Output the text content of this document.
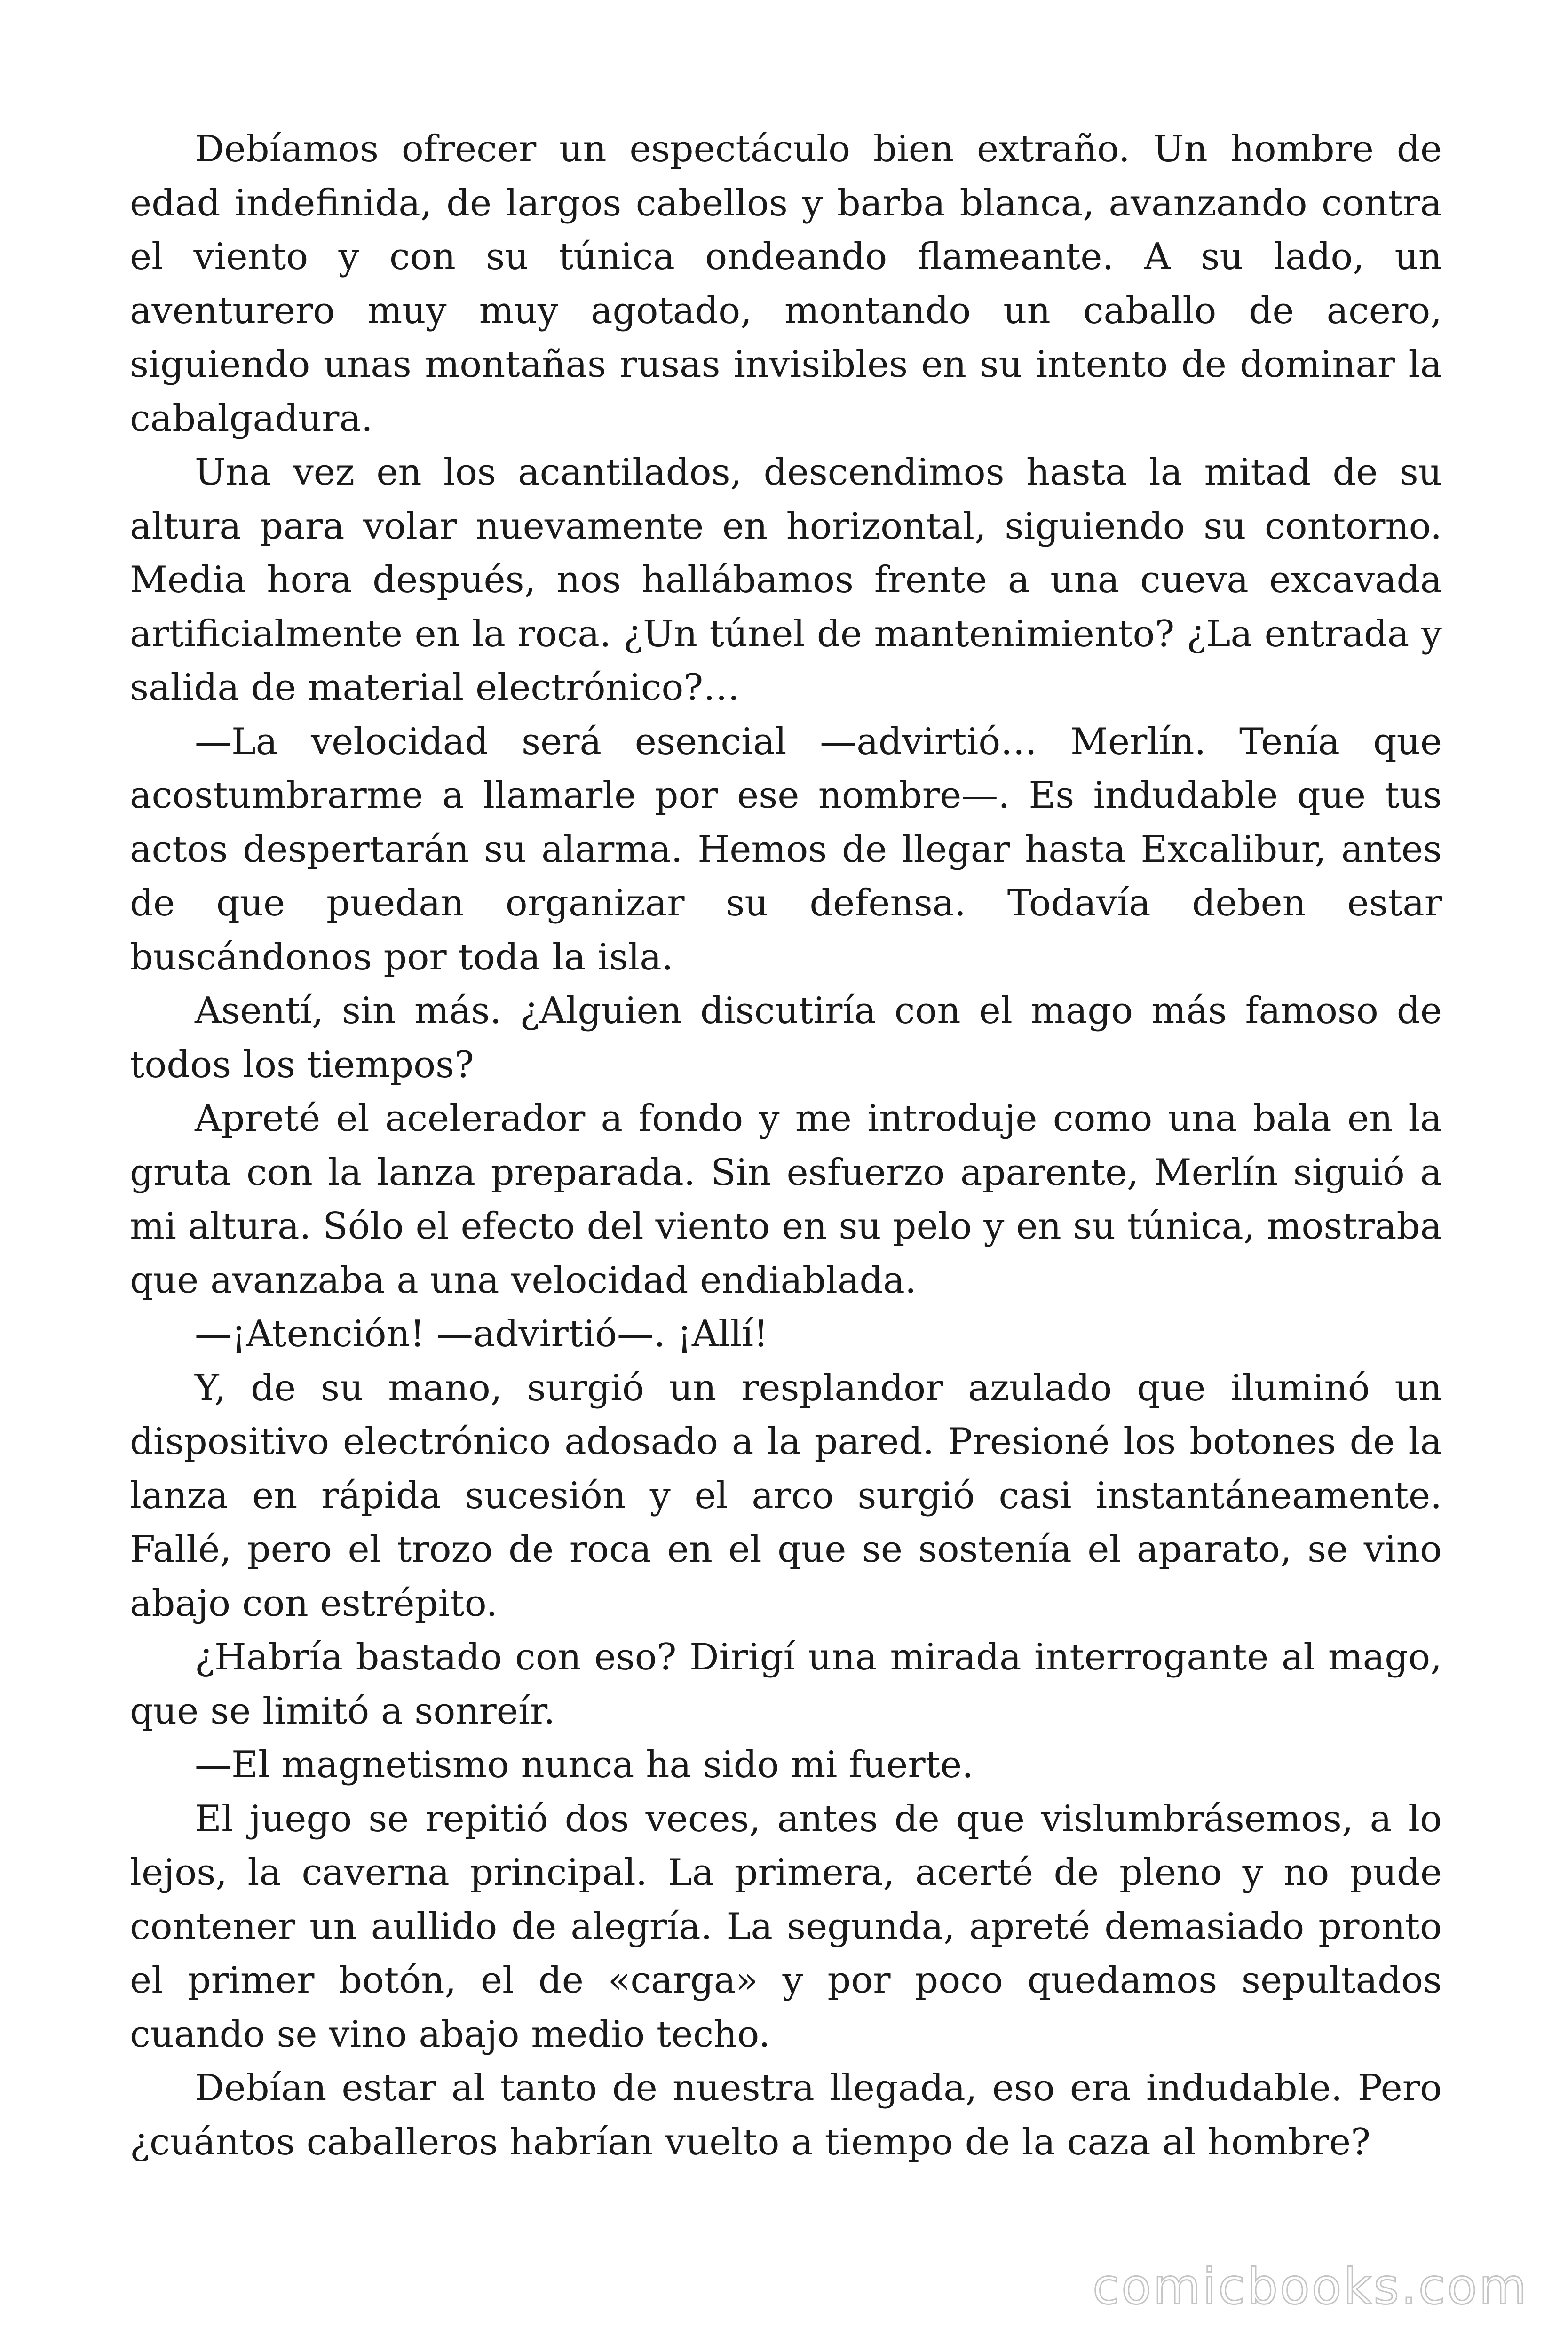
Debíamos ofrecer un espectáculo bien extraño. Un hombre de edad indefinida, de largos cabellos y barba blanca, avanzando contra el viento y con su túnica ondeando flameante. A su lado, un aventurero muy muy agotado, montando un caballo de acero, siguiendo unas montañas rusas invisibles en su intento de dominar la cabalgadura.

Una vez en los acantilados, descendimos hasta la mitad de su altura para volar nuevamente en horizontal, siguiendo su contorno. Media hora después, nos hallábamos frente a una cueva excavada artificialmente en la roca. ¿Un túnel de mantenimiento? ¿La entrada y salida de material electrónico?…

—La velocidad será esencial —advirtió… Merlín. Tenía que acostumbrarme a llamarle por ese nombre—. Es indudable que tus actos despertarán su alarma. Hemos de llegar hasta Excalibur, antes de que puedan organizar su defensa. Todavía deben estar buscándonos por toda la isla.

Asentí, sin más. ¿Alguien discutiría con el mago más famoso de todos los tiempos?

Apreté el acelerador a fondo y me introduje como una bala en la gruta con la lanza preparada. Sin esfuerzo aparente, Merlín siguió a mi altura. Sólo el efecto del viento en su pelo y en su túnica, mostraba que avanzaba a una velocidad endiablada.

—¡Atención! —advirtió—. ¡Allí!

Y, de su mano, surgió un resplandor azulado que iluminó un dispositivo electrónico adosado a la pared. Presioné los botones de la lanza en rápida sucesión y el arco surgió casi instantáneamente. Fallé, pero el trozo de roca en el que se sostenía el aparato, se vino abajo con estrépito.

¿Habría bastado con eso? Dirigí una mirada interrogante al mago, que se limitó a sonreír.

—El magnetismo nunca ha sido mi fuerte.

El juego se repitió dos veces, antes de que vislumbrásemos, a lo lejos, la caverna principal. La primera, acerté de pleno y no pude contener un aullido de alegría. La segunda, apreté demasiado pronto el primer botón, el de «carga» y por poco quedamos sepultados cuando se vino abajo medio techo.

Debían estar al tanto de nuestra llegada, eso era indudable. Pero ¿cuántos caballeros habrían vuelto a tiempo de la caza al hombre?

comicbooks.com
